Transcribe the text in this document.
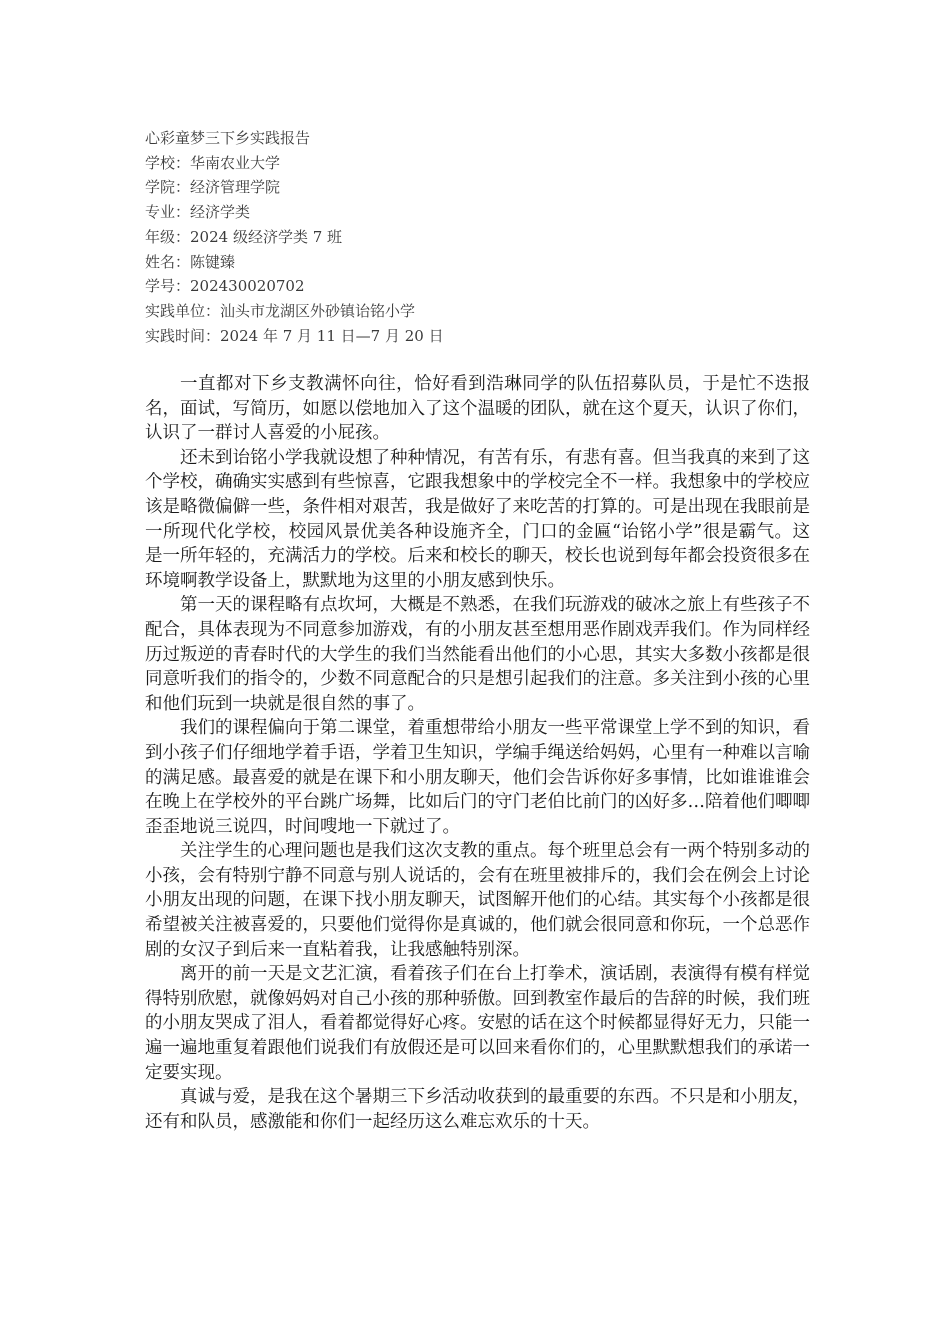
心彩童梦三下乡实践报告
学校：华南农业大学
学院：经济管理学院
专业：经济学类
年级：2024 级经济学类 7 班
姓名：陈键臻
学号：202430020702
实践单位：汕头市龙湖区外砂镇诒铭小学
实践时间：2024 年 7 月 11 日—7 月 20 日

一直都对下乡支教满怀向往，恰好看到浩琳同学的队伍招募队员，于是忙不迭报名，面试，写简历，如愿以偿地加入了这个温暖的团队，就在这个夏天，认识了你们，认识了一群讨人喜爱的小屁孩。

还未到诒铭小学我就设想了种种情况，有苦有乐，有悲有喜。但当我真的来到了这个学校，确确实实感到有些惊喜，它跟我想象中的学校完全不一样。我想象中的学校应该是略微偏僻一些，条件相对艰苦，我是做好了来吃苦的打算的。可是出现在我眼前是一所现代化学校，校园风景优美各种设施齐全，门口的金匾“诒铭小学”很是霸气。这是一所年轻的，充满活力的学校。后来和校长的聊天，校长也说到每年都会投资很多在环境啊教学设备上，默默地为这里的小朋友感到快乐。

第一天的课程略有点坎坷，大概是不熟悉，在我们玩游戏的破冰之旅上有些孩子不配合，具体表现为不同意参加游戏，有的小朋友甚至想用恶作剧戏弄我们。作为同样经历过叛逆的青春时代的大学生的我们当然能看出他们的小心思，其实大多数小孩都是很同意听我们的指令的，少数不同意配合的只是想引起我们的注意。多关注到小孩的心里和他们玩到一块就是很自然的事了。

我们的课程偏向于第二课堂，着重想带给小朋友一些平常课堂上学不到的知识，看到小孩子们仔细地学着手语，学着卫生知识，学编手绳送给妈妈，心里有一种难以言喻的满足感。最喜爱的就是在课下和小朋友聊天，他们会告诉你好多事情，比如谁谁谁会在晚上在学校外的平台跳广场舞，比如后门的守门老伯比前门的凶好多…陪着他们唧唧歪歪地说三说四，时间嗖地一下就过了。

关注学生的心理问题也是我们这次支教的重点。每个班里总会有一两个特别多动的小孩，会有特别宁静不同意与别人说话的，会有在班里被排斥的，我们会在例会上讨论小朋友出现的问题，在课下找小朋友聊天，试图解开他们的心结。其实每个小孩都是很希望被关注被喜爱的，只要他们觉得你是真诚的，他们就会很同意和你玩，一个总恶作剧的女汉子到后来一直粘着我，让我感触特别深。

离开的前一天是文艺汇演，看着孩子们在台上打拳术，演话剧，表演得有模有样觉得特别欣慰，就像妈妈对自己小孩的那种骄傲。回到教室作最后的告辞的时候，我们班的小朋友哭成了泪人，看着都觉得好心疼。安慰的话在这个时候都显得好无力，只能一遍一遍地重复着跟他们说我们有放假还是可以回来看你们的，心里默默想我们的承诺一定要实现。

真诚与爱，是我在这个暑期三下乡活动收获到的最重要的东西。不只是和小朋友，还有和队员，感激能和你们一起经历这么难忘欢乐的十天。
